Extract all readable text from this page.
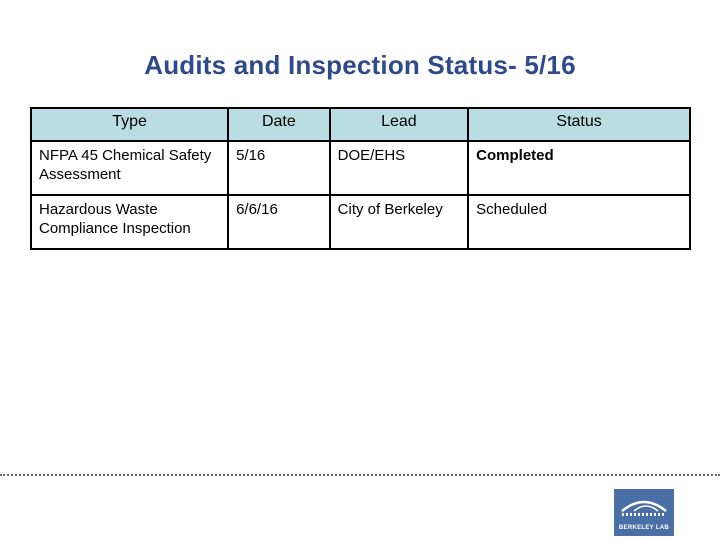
Audits and Inspection Status- 5/16
Type	Date	Lead	Status
NFPA 45 Chemical Safety Assessment	5/16	DOE/EHS	Completed
Hazardous Waste Compliance Inspection	6/6/16	City of Berkeley	Scheduled
BERKELEY LAB
